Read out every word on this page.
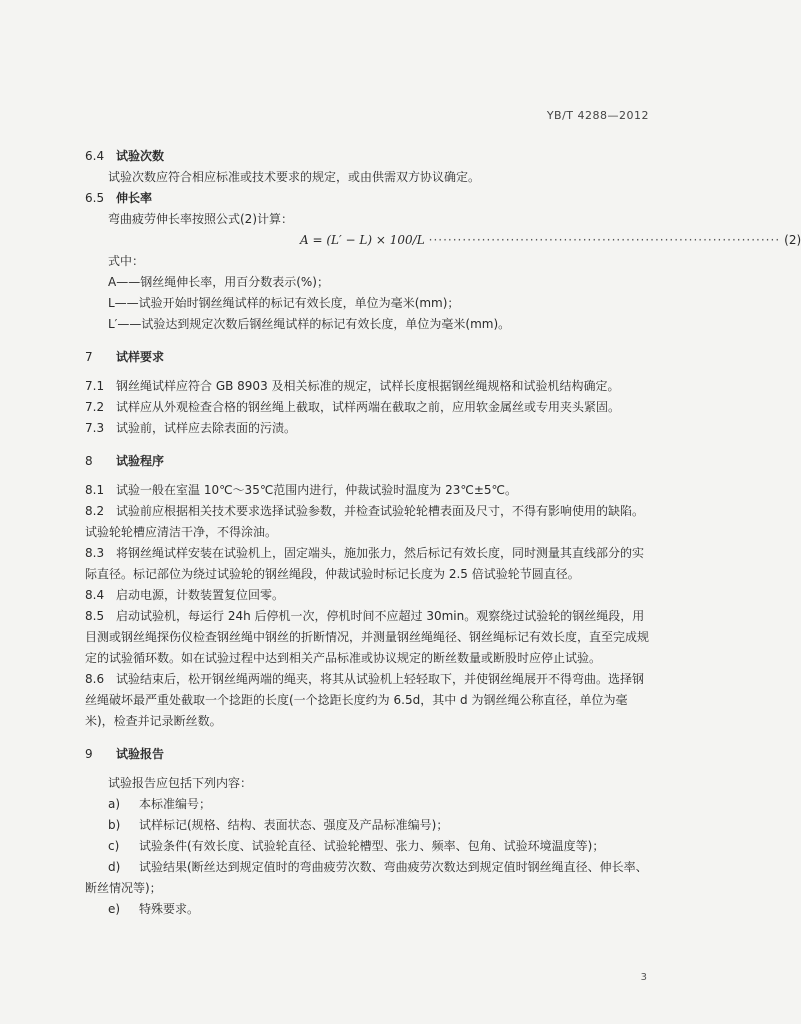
YB/T 4288—2012
6.4 试验次数
试验次数应符合相应标准或技术要求的规定，或由供需双方协议确定。
6.5 伸长率
弯曲疲劳伸长率按照公式(2)计算：
A = (L′ − L) × 100/L ········································································· (2)
式中：
A——钢丝绳伸长率，用百分数表示(%)；
L——试验开始时钢丝绳试样的标记有效长度，单位为毫米(mm)；
L′——试验达到规定次数后钢丝绳试样的标记有效长度，单位为毫米(mm)。
7 试样要求
7.1 钢丝绳试样应符合 GB 8903 及相关标准的规定，试样长度根据钢丝绳规格和试验机结构确定。
7.2 试样应从外观检查合格的钢丝绳上截取，试样两端在截取之前，应用软金属丝或专用夹头紧固。
7.3 试验前，试样应去除表面的污渍。
8 试验程序
8.1 试验一般在室温 10℃～35℃范围内进行，仲裁试验时温度为 23℃±5℃。
8.2 试验前应根据相关技术要求选择试验参数，并检查试验轮轮槽表面及尺寸，不得有影响使用的缺陷。试验轮轮槽应清洁干净，不得涂油。
8.3 将钢丝绳试样安装在试验机上，固定端头，施加张力，然后标记有效长度，同时测量其直线部分的实际直径。标记部位为绕过试验轮的钢丝绳段，仲裁试验时标记长度为 2.5 倍试验轮节圆直径。
8.4 启动电源，计数装置复位回零。
8.5 启动试验机，每运行 24h 后停机一次，停机时间不应超过 30min。观察绕过试验轮的钢丝绳段，用目测或钢丝绳探伤仪检查钢丝绳中钢丝的折断情况，并测量钢丝绳绳径、钢丝绳标记有效长度，直至完成规定的试验循环数。如在试验过程中达到相关产品标准或协议规定的断丝数量或断股时应停止试验。
8.6 试验结束后，松开钢丝绳两端的绳夹，将其从试验机上轻轻取下，并使钢丝绳展开不得弯曲。选择钢丝绳破坏最严重处截取一个捻距的长度(一个捻距长度约为 6.5d，其中 d 为钢丝绳公称直径，单位为毫米)，检查并记录断丝数。
9 试验报告
试验报告应包括下列内容：
a) 本标准编号；
b) 试样标记(规格、结构、表面状态、强度及产品标准编号)；
c) 试验条件(有效长度、试验轮直径、试验轮槽型、张力、频率、包角、试验环境温度等)；
d) 试验结果(断丝达到规定值时的弯曲疲劳次数、弯曲疲劳次数达到规定值时钢丝绳直径、伸长率、断丝情况等)；
e) 特殊要求。
3
